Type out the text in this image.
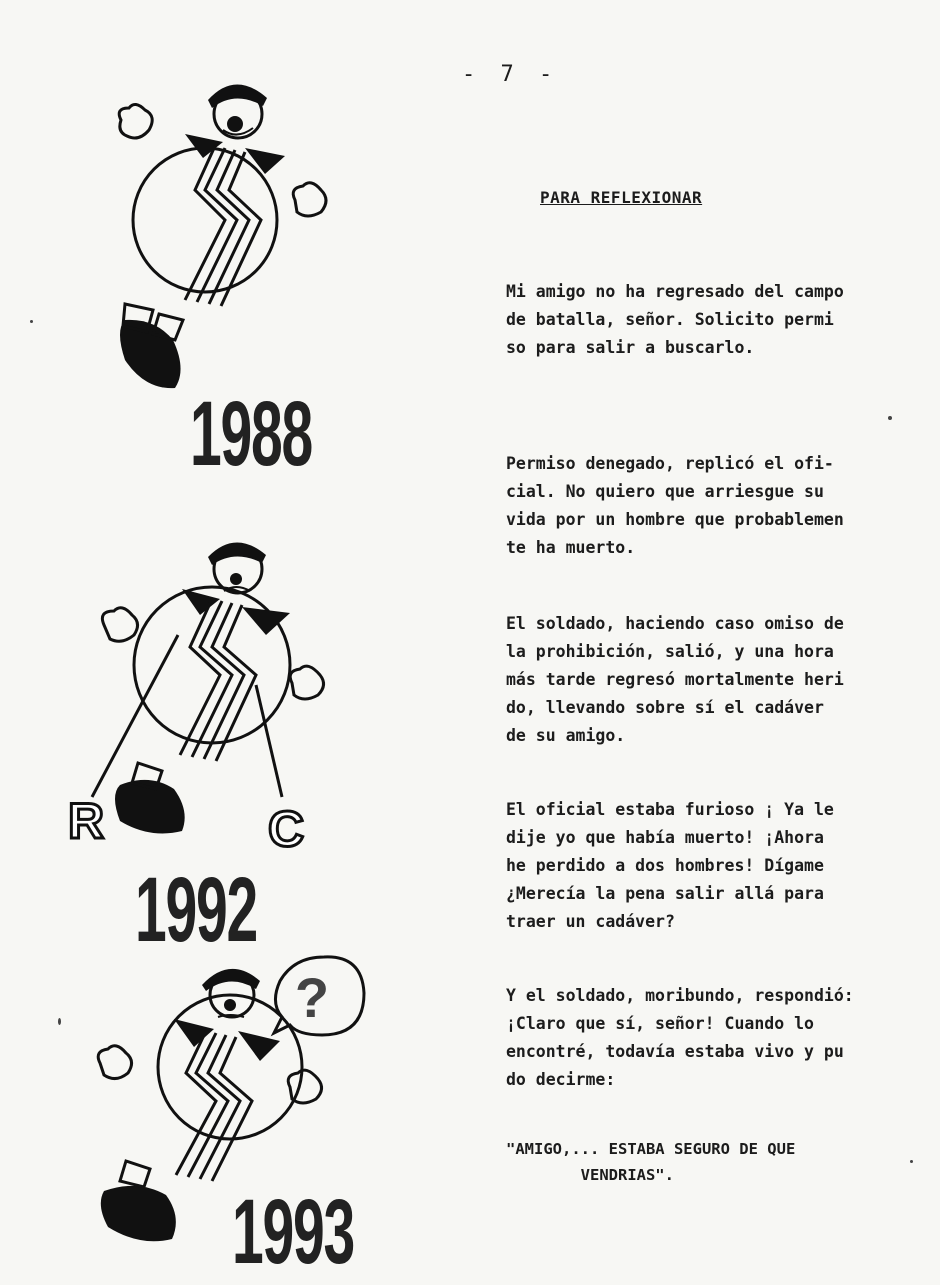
- 7 -
1988
R	C
1992
?
1993
PARA REFLEXIONAR
Mi amigo no ha regresado del campo
de batalla, señor. Solicito permi
so para salir a buscarlo.
Permiso denegado, replicó el ofi-
cial. No quiero que arriesgue su
vida por un hombre que probablemen
te ha muerto.
El soldado, haciendo caso omiso de
la prohibición, salió, y una hora
más tarde regresó mortalmente heri
do, llevando sobre sí el cadáver
de su amigo.
El oficial estaba furioso ¡ Ya le
dije yo que había muerto! ¡Ahora
he perdido a dos hombres! Dígame
¿Merecía la pena salir allá para
traer un cadáver?
Y el soldado, moribundo, respondió:
¡Claro que sí, señor! Cuando lo
encontré, todavía estaba vivo y pu
do decirme:
"AMIGO,... ESTABA SEGURO DE QUE
VENDRIAS".
